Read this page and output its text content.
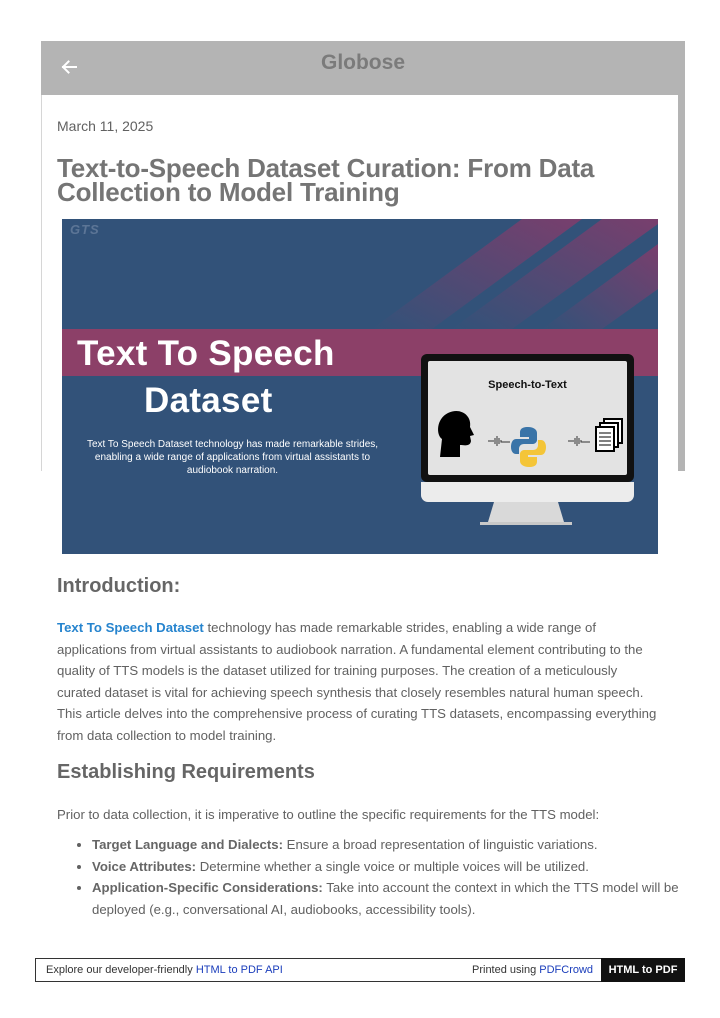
Globose
March 11, 2025
Text-to-Speech Dataset Curation: From Data Collection to Model Training
GTS
Text To Speech
Dataset
Text To Speech Dataset technology has made remarkable strides, enabling a wide range of applications from virtual assistants to audiobook narration.
Speech-to-Text
Introduction:

Text To Speech Dataset technology has made remarkable strides, enabling a wide range of applications from virtual assistants to audiobook narration. A fundamental element contributing to the quality of TTS models is the dataset utilized for training purposes. The creation of a meticulously curated dataset is vital for achieving speech synthesis that closely resembles natural human speech. This article delves into the comprehensive process of curating TTS datasets, encompassing everything from data collection to model training.

Establishing Requirements

Prior to data collection, it is imperative to outline the specific requirements for the TTS model:

• Target Language and Dialects: Ensure a broad representation of linguistic variations.
• Voice Attributes: Determine whether a single voice or multiple voices will be utilized.
• Application-Specific Considerations: Take into account the context in which the TTS model will be deployed (e.g., conversational AI, audiobooks, accessibility tools).
Explore our developer-friendly HTML to PDF API	Printed using PDFCrowd	HTML to PDF
